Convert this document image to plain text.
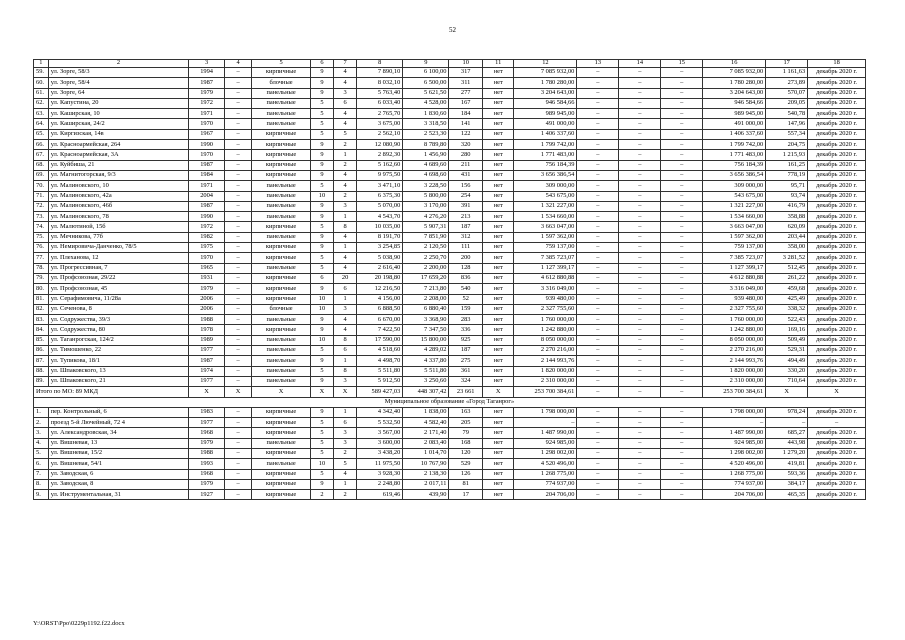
52
1	2	3	4	5	6	7	8	9	10	11	12	13	14	15	16	17	18
59.	ул. Зорге, 58/3	1994	–	кирпичные	9	4	7 890,10	6 100,00	317	нет	7 085 932,00	–	–	–	7 085 932,00	1 161,63	декабрь 2020 г.
60.	ул. Зорге, 58/4	1987	–	блочные	9	4	8 032,10	6 500,00	311	нет	1 780 280,00	–	–	–	1 780 280,00	273,89	декабрь 2020 г.
61.	ул. Зорге, 64	1979	–	панельные	9	3	5 763,40	5 621,50	277	нет	3 204 643,00	–	–	–	3 204 643,00	570,07	декабрь 2020 г.
62.	ул. Капустина, 20	1972	–	панельные	5	6	6 033,40	4 528,00	167	нет	946 584,66	–	–	–	946 584,66	209,05	декабрь 2020 г.
63.	ул. Каширская, 10	1971	–	панельные	5	4	2 765,70	1 830,60	184	нет	989 945,00	–	–	–	989 945,00	540,78	декабрь 2020 г.
64.	ул. Каширская, 24/2	1970	–	панельные	5	4	3 675,00	3 318,50	141	нет	491 000,00	–	–	–	491 000,00	147,96	декабрь 2020 г.
65.	ул. Киргизская, 14в	1967	–	кирпичные	5	5	2 562,10	2 523,30	122	нет	1 406 337,60	–	–	–	1 406 337,60	557,34	декабрь 2020 г.
66.	ул. Красноармейская, 264	1990	–	кирпичные	9	2	12 080,90	8 789,80	320	нет	1 799 742,00	–	–	–	1 799 742,00	204,75	декабрь 2020 г.
67.	ул. Красноармейская, 3А	1970	–	кирпичные	9	1	2 892,30	1 456,90	280	нет	1 771 483,00	–	–	–	1 771 483,00	1 215,93	декабрь 2020 г.
68.	ул. Куйбиша, 21	1987	–	кирпичные	9	2	5 162,60	4 689,60	211	нет	756 184,39	–	–	–	756 184,39	161,25	декабрь 2020 г.
69.	ул. Магнитогорская, 9/3	1984	–	кирпичные	9	4	9 975,50	4 698,60	431	нет	3 656 386,54	–	–	–	3 656 386,54	778,19	декабрь 2020 г.
70.	ул. Малиновского, 10	1971	–	панельные	5	4	3 471,10	3 228,50	156	нет	309 000,00	–	–	–	309 000,00	95,71	декабрь 2020 г.
71.	ул. Малиновского, 42а	2004	–	панельные	10	2	6 375,30	5 800,00	254	нет	543 675,00	–	–	–	543 675,00	93,74	декабрь 2020 г.
72.	ул. Малиновского, 46б	1987	–	панельные	9	3	5 070,00	3 170,00	391	нет	1 321 227,00	–	–	–	1 321 227,00	416,79	декабрь 2020 г.
73.	ул. Малиновского, 78	1990	–	панельные	9	1	4 543,70	4 276,20	213	нет	1 534 660,00	–	–	–	1 534 660,00	358,88	декабрь 2020 г.
74.	ул. Малютиной, 15б	1972	–	кирпичные	5	8	10 035,00	5 907,31	187	нет	3 663 047,00	–	–	–	3 663 047,00	620,09	декабрь 2020 г.
75.	ул. Мечникова, 77б	1982	–	панельные	9	4	8 191,70	7 851,90	312	нет	1 597 362,00	–	–	–	1 597 362,00	203,44	декабрь 2020 г.
76.	ул. Немировича-Данченко, 78/5	1975	–	кирпичные	9	1	3 254,85	2 120,50	111	нет	759 137,00	–	–	–	759 137,00	358,00	декабрь 2020 г.
77.	ул. Плеханова, 12	1970	–	кирпичные	5	4	5 038,90	2 250,70	200	нет	7 385 723,07	–	–	–	7 385 723,07	3 281,52	декабрь 2020 г.
78.	ул. Прогрессивная, 7	1965	–	панельные	5	4	2 616,40	2 200,00	128	нет	1 127 399,17	–	–	–	1 127 399,17	512,45	декабрь 2020 г.
79.	ул. Профсоюзная, 29/22	1931	–	кирпичные	6	20	20 198,80	17 659,20	836	нет	4 612 880,88	–	–	–	4 612 880,88	261,22	декабрь 2020 г.
80.	ул. Профсоюзная, 45	1979	–	кирпичные	9	6	12 216,50	7 213,80	540	нет	3 316 049,00	–	–	–	3 316 049,00	459,68	декабрь 2020 г.
81.	ул. Серафимовича, 11/28а	2006	–	кирпичные	10	1	4 156,00	2 208,00	52	нет	939 480,00	–	–	–	939 480,00	425,49	декабрь 2020 г.
82.	ул. Сеченова, 8	2006	–	блочные	10	3	6 888,50	6 880,40	159	нет	2 327 755,60	–	–	–	2 327 755,60	338,32	декабрь 2020 г.
83.	ул. Содружества, 39/3	1988	–	панельные	9	4	6 670,00	3 368,90	283	нет	1 760 000,00	–	–	–	1 760 000,00	522,43	декабрь 2020 г.
84.	ул. Содружества, 80	1978	–	кирпичные	9	4	7 422,50	7 347,50	336	нет	1 242 880,00	–	–	–	1 242 880,00	169,16	декабрь 2020 г.
85.	ул. Таганрогская, 124/2	1989	–	панельные	10	8	17 590,00	15 800,00	925	нет	8 050 000,00	–	–	–	8 050 000,00	509,49	декабрь 2020 г.
86.	ул. Тимошенко, 22	1977	–	панельные	5	6	4 518,60	4 289,02	187	нет	2 270 216,00	–	–	–	2 270 216,00	529,31	декабрь 2020 г.
87.	ул. Тупикова, 18/1	1987	–	панельные	9	1	4 498,70	4 337,80	275	нет	2 144 993,76	–	–	–	2 144 993,76	494,49	декабрь 2020 г.
88.	ул. Шпаковского, 13	1974	–	панельные	5	8	5 511,80	5 511,80	361	нет	1 820 000,00	–	–	–	1 820 000,00	330,20	декабрь 2020 г.
89.	ул. Шпаковского, 21	1977	–	панельные	9	3	5 912,50	3 250,60	324	нет	2 310 000,00	–	–	–	2 310 000,00	710,64	декабрь 2020 г.
Итого по МО: 89 МКД		X	X	X	X	X	589 427,03	448 307,42	23 661	X	253 700 384,61	–	–	–	253 700 384,61	X	X
Муниципальное образование «Город Таганрог»																	
1.	пер. Контрольный, 6	1983	–	кирпичные	9	1	4 342,40	1 838,00	163	нет	1 798 000,00	–	–	–	1 798 000,00	978,24	декабрь 2020 г.
2.	проезд 5-й Лючейный, 72 4	1977	–	кирпичные	5	6	5 532,50	4 582,40	205	нет	–	–	–	–	–	–	–
3.	ул. Александровская, 34	1968	–	кирпичные	5	3	3 567,00	2 171,40	79	нет	1 487 990,00	–	–	–	1 487 990,00	685,27	декабрь 2020 г.
4.	ул. Вишневая, 13	1979	–	панельные	5	3	3 600,00	2 083,40	168	нет	924 985,00	–	–	–	924 985,00	443,98	декабрь 2020 г.
5.	ул. Вишневая, 15/2	1988	–	кирпичные	5	2	3 438,20	1 014,70	120	нет	1 298 002,00	–	–	–	1 298 002,00	1 279,20	декабрь 2020 г.
6.	ул. Вишневая, 54/1	1993	–	панельные	10	5	11 975,50	10 767,90	529	нет	4 520 496,00	–	–	–	4 520 496,00	419,81	декабрь 2020 г.
7.	ул. Заводская, 6	1968	–	кирпичные	5	4	3 928,30	2 138,30	126	нет	1 268 775,00	–	–	–	1 268 775,00	593,36	декабрь 2020 г.
8.	ул. Заводская, 8	1979	–	кирпичные	9	1	2 248,80	2 017,11	81	нет	774 937,00	–	–	–	774 937,00	384,17	декабрь 2020 г.
9.	ул. Инструментальная, 31	1927	–	кирпичные	2	2	619,46	439,90	17	нет	204 706,00	–	–	–	204 706,00	465,35	декабрь 2020 г.
Y:\ORST\Ppo\0229p1192.f22.docx
